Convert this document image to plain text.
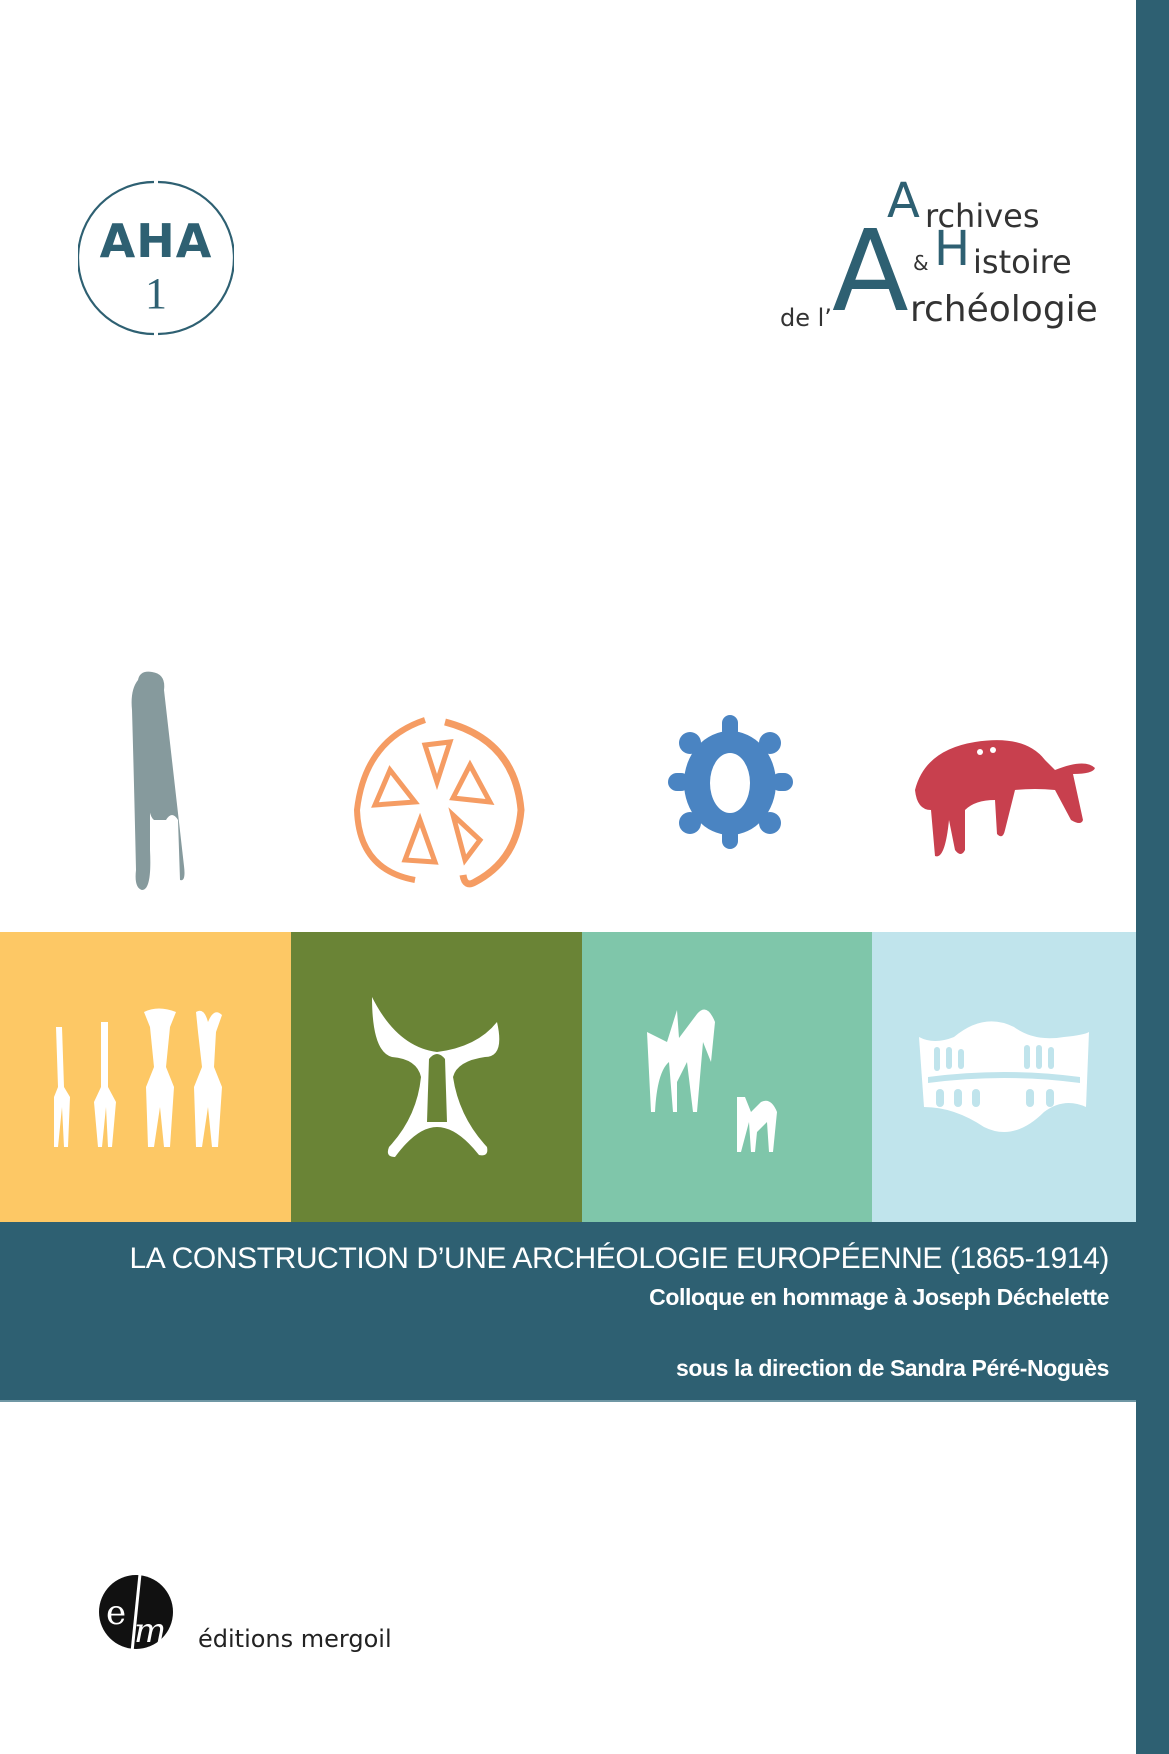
AHA
1
A rchives
& H istoire
de l’ A rchéologie
LA CONSTRUCTION D’UNE ARCHÉOLOGIE EUROPÉENNE (1865-1914)
Colloque en hommage à Joseph Déchelette
sous la direction de Sandra Péré-Noguès
e m éditions mergoil
